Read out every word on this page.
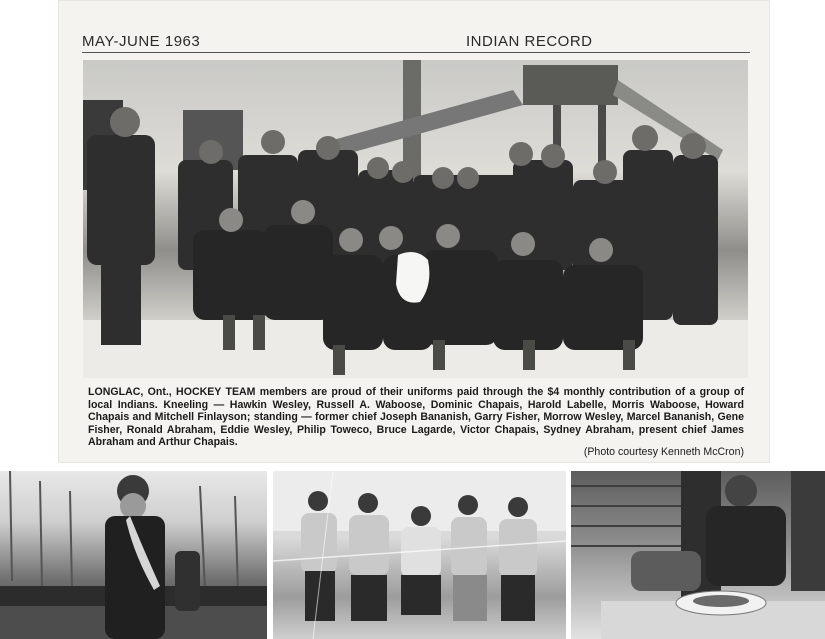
MAY-JUNE 1963	INDIAN RECORD
LONGLAC, Ont., HOCKEY TEAM members are proud of their uniforms paid through the $4 monthly contribution of a group of local Indians. Kneeling — Hawkin Wesley, Russell A. Waboose, Dominic Chapais, Harold Labelle, Morris Waboose, Howard Chapais and Mitchell Finlayson; standing — former chief Joseph Bananish, Garry Fisher, Morrow Wesley, Marcel Bananish, Gene Fisher, Ronald Abraham, Eddie Wesley, Philip Toweco, Bruce Lagarde, Victor Chapais, Sydney Abraham, present chief James Abraham and Arthur Chapais.
(Photo courtesy Kenneth McCron)
